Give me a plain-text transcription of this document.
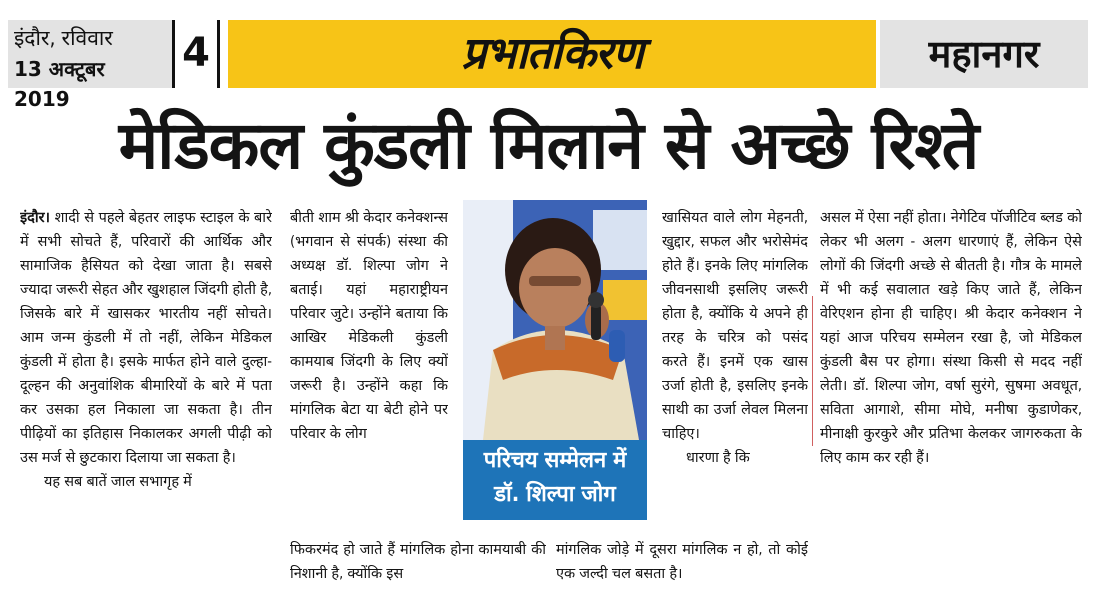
इंदौर, रविवार
13 अक्टूबर 2019
4	प्रभातकिरण	महानगर
मेडिकल कुंडली मिलाने से अच्छे रिश्ते

इंदौर। शादी से पहले बेहतर लाइफ स्टाइल के बारे में सभी सोचते हैं, परिवारों की आर्थिक और सामाजिक हैसियत को देखा जाता है। सबसे ज्यादा जरूरी सेहत और खुशहाल जिंदगी होती है, जिसके बारे में खासकर भारतीय नहीं सोचते। आम जन्म कुंडली में तो नहीं, लेकिन मेडिकल कुंडली में होता है। इसके मार्फत होने वाले दुल्हा-दूल्हन की अनुवांशिक बीमारियों के बारे में पता कर उसका हल निकाला जा सकता है। तीन पीढ़ियों का इतिहास निकालकर अगली पीढ़ी को उस मर्ज से छुटकारा दिलाया जा सकता है।

यह सब बातें जाल सभागृह में

बीती शाम श्री केदार कनेक्शन्स (भगवान से संपर्क) संस्था की अध्यक्ष डॉ. शिल्पा जोग ने बताई। यहां महाराष्ट्रीयन परिवार जुटे। उन्होंने बताया कि आखिर मेडिकली कुंडली कामयाब जिंदगी के लिए क्यों जरूरी है। उन्होंने कहा कि मांगलिक बेटा या बेटी होने पर परिवार के लोग

फिकरमंद हो जाते हैं मांगलिक होना कामयाबी की निशानी है, क्योंकि इस

परिचय सम्मेलन में
डॉ. शिल्पा जोग

खासियत वाले लोग मेहनती, खुद्दार, सफल और भरोसेमंद होते हैं। इनके लिए मांगलिक जीवनसाथी इसलिए जरूरी होता है, क्योंकि ये अपने ही तरह के चरित्र को पसंद करते हैं। इनमें एक खास उर्जा होती है, इसलिए इनके साथी का उर्जा लेवल मिलना चाहिए।

धारणा है कि

मांगलिक जोड़े में दूसरा मांगलिक न हो, तो कोई एक जल्दी चल बसता है।

असल में ऐसा नहीं होता। नेगेटिव पॉजीटिव ब्लड को लेकर भी अलग - अलग धारणाएं हैं, लेकिन ऐसे लोगों की जिंदगी अच्छे से बीतती है। गौत्र के मामले में भी कई सवालात खड़े किए जाते हैं, लेकिन वेरिएशन होना ही चाहिए। श्री केदार कनेक्शन ने यहां आज परिचय सम्मेलन रखा है, जो मेडिकल कुंडली बैस पर होगा। संस्था किसी से मदद नहीं लेती। डॉ. शिल्पा जोग, वर्षा सुरंगे, सुषमा अवधूत, सविता आगाशे, सीमा मोघे, मनीषा कुडाणेकर, मीनाक्षी कुरकुरे और प्रतिभा केलकर जागरुकता के लिए काम कर रही हैं।
